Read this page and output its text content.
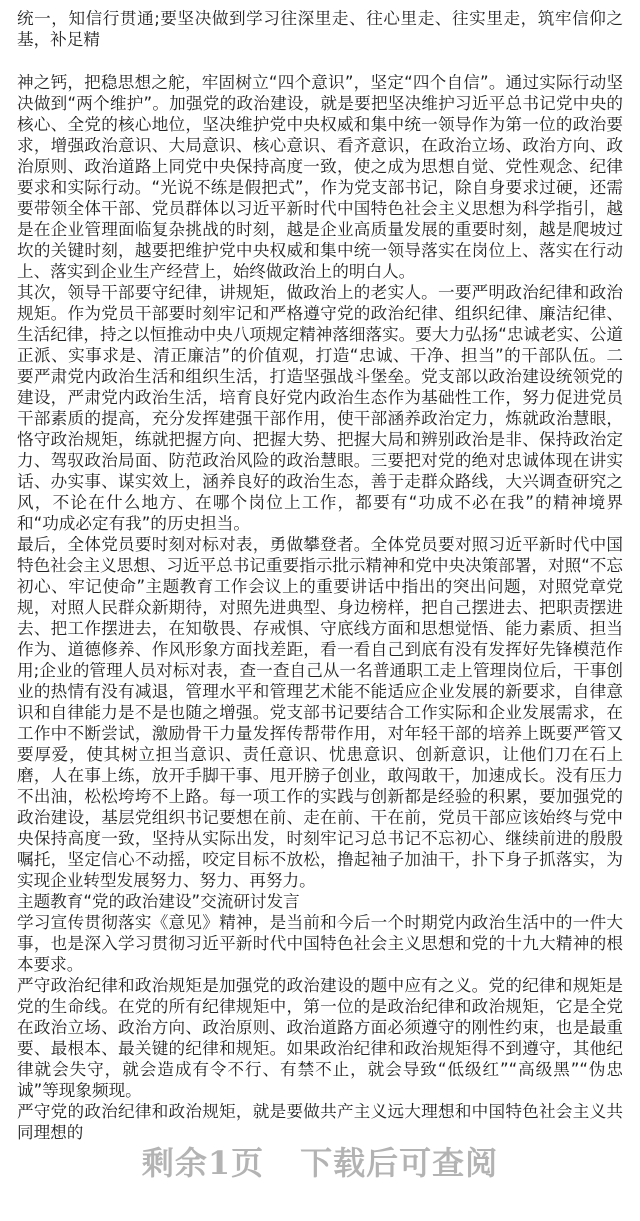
统一，知信行贯通;要坚决做到学习往深里走、往心里走、往实里走，筑牢信仰之基，补足精

神之钙，把稳思想之舵，牢固树立“四个意识”，坚定“四个自信”。通过实际行动坚决做到“两个维护”。加强党的政治建设，就是要把坚决维护习近平总书记党中央的核心、全党的核心地位，坚决维护党中央权威和集中统一领导作为第一位的政治要求，增强政治意识、大局意识、核心意识、看齐意识，在政治立场、政治方向、政治原则、政治道路上同党中央保持高度一致，使之成为思想自觉、党性观念、纪律要求和实际行动。“光说不练是假把式”，作为党支部书记，除自身要求过硬，还需要带领全体干部、党员群体以习近平新时代中国特色社会主义思想为科学指引，越是在企业管理面临复杂挑战的时刻，越是企业高质量发展的重要时刻，越是爬坡过坎的关键时刻，越要把维护党中央权威和集中统一领导落实在岗位上、落实在行动上、落实到企业生产经营上，始终做政治上的明白人。

其次，领导干部要守纪律，讲规矩，做政治上的老实人。一要严明政治纪律和政治规矩。作为党员干部要时刻牢记和严格遵守党的政治纪律、组织纪律、廉洁纪律、生活纪律，持之以恒推动中央八项规定精神落细落实。要大力弘扬“忠诚老实、公道正派、实事求是、清正廉洁”的价值观，打造“忠诚、干净、担当”的干部队伍。二要严肃党内政治生活和组织生活，打造坚强战斗堡垒。党支部以政治建设统领党的建设，严肃党内政治生活，培育良好党内政治生态作为基础性工作，努力促进党员干部素质的提高，充分发挥建强干部作用，使干部涵养政治定力，炼就政治慧眼，恪守政治规矩，练就把握方向、把握大势、把握大局和辨别政治是非、保持政治定力、驾驭政治局面、防范政治风险的政治慧眼。三要把对党的绝对忠诚体现在讲实话、办实事、谋实效上，涵养良好的政治生态，善于走群众路线，大兴调查研究之风，不论在什么地方、在哪个岗位上工作，都要有“功成不必在我”的精神境界和“功成必定有我”的历史担当。

最后，全体党员要时刻对标对表，勇做攀登者。全体党员要对照习近平新时代中国特色社会主义思想、习近平总书记重要指示批示精神和党中央决策部署，对照“不忘初心、牢记使命”主题教育工作会议上的重要讲话中指出的突出问题，对照党章党规，对照人民群众新期待，对照先进典型、身边榜样，把自己摆进去、把职责摆进去、把工作摆进去，在知敬畏、存戒惧、守底线方面和思想觉悟、能力素质、担当作为、道德修养、作风形象方面找差距，看一看自己到底有没有发挥好先锋模范作用;企业的管理人员对标对表，查一查自己从一名普通职工走上管理岗位后，干事创业的热情有没有减退，管理水平和管理艺术能不能适应企业发展的新要求，自律意识和自律能力是不是也随之增强。党支部书记要结合工作实际和企业发展需求，在工作中不断尝试，激励骨干力量发挥传帮带作用，对年轻干部的培养上既要严管又要厚爱，使其树立担当意识、责任意识、忧患意识、创新意识，让他们刀在石上磨，人在事上练，放开手脚干事、甩开膀子创业，敢闯敢干，加速成长。没有压力不出油，松松垮垮不上路。每一项工作的实践与创新都是经验的积累，要加强党的政治建设，基层党组织书记要想在前、走在前、干在前，党员干部应该始终与党中央保持高度一致，坚持从实际出发，时刻牢记习总书记不忘初心、继续前进的殷殷嘱托，坚定信心不动摇，咬定目标不放松，撸起袖子加油干，扑下身子抓落实，为实现企业转型发展努力、努力、再努力。

主题教育“党的政治建设”交流研讨发言

学习宣传贯彻落实《意见》精神，是当前和今后一个时期党内政治生活中的一件大事，也是深入学习贯彻习近平新时代中国特色社会主义思想和党的十九大精神的根本要求。

严守政治纪律和政治规矩是加强党的政治建设的题中应有之义。党的纪律和规矩是党的生命线。在党的所有纪律规矩中，第一位的是政治纪律和政治规矩，它是全党在政治立场、政治方向、政治原则、政治道路方面必须遵守的刚性约束，也是最重要、最根本、最关键的纪律和规矩。如果政治纪律和政治规矩得不到遵守，其他纪律就会失守，就会造成有令不行、有禁不止，就会导致“低级红”“高级黑”“伪忠诚”等现象频现。

严守党的政治纪律和政治规矩，就是要做共产主义远大理想和中国特色社会主义共同理想的

剩余1页 下载后可查阅
